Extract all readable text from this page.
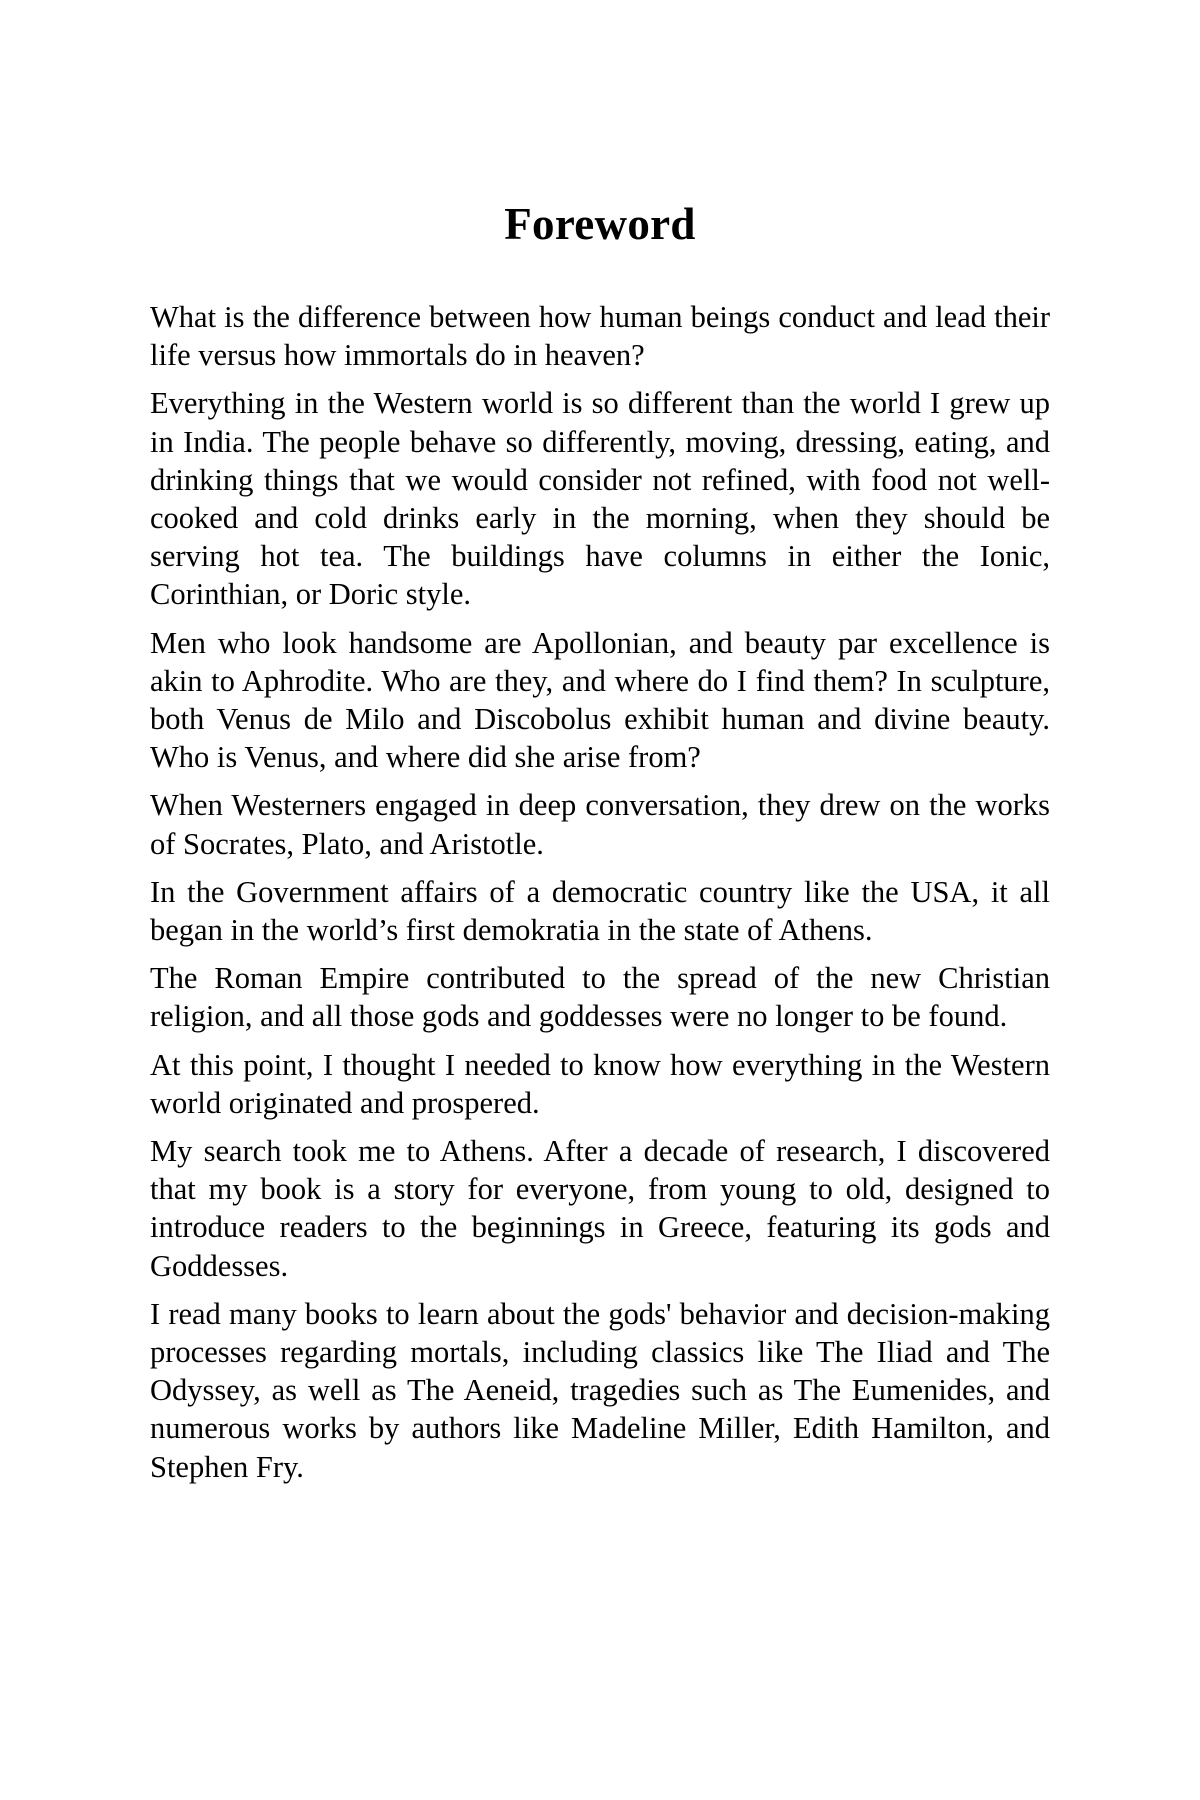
Foreword

What is the difference between how human beings conduct and lead their life versus how immortals do in heaven?

Everything in the Western world is so different than the world I grew up in India. The people behave so differently, moving, dressing, eating, and drinking things that we would consider not refined, with food not well-cooked and cold drinks early in the morning, when they should be serving hot tea. The buildings have columns in either the Ionic, Corinthian, or Doric style.

Men who look handsome are Apollonian, and beauty par excellence is akin to Aphrodite. Who are they, and where do I find them? In sculpture, both Venus de Milo and Discobolus exhibit human and divine beauty. Who is Venus, and where did she arise from?

When Westerners engaged in deep conversation, they drew on the works of Socrates, Plato, and Aristotle.

In the Government affairs of a democratic country like the USA, it all began in the world’s first demokratia in the state of Athens.

The Roman Empire contributed to the spread of the new Christian religion, and all those gods and goddesses were no longer to be found.

At this point, I thought I needed to know how everything in the Western world originated and prospered.

My search took me to Athens. After a decade of research, I discovered that my book is a story for everyone, from young to old, designed to introduce readers to the beginnings in Greece, featuring its gods and Goddesses.

I read many books to learn about the gods' behavior and decision-making processes regarding mortals, including classics like The Iliad and The Odyssey, as well as The Aeneid, tragedies such as The Eumenides, and numerous works by authors like Madeline Miller, Edith Hamilton, and Stephen Fry.
